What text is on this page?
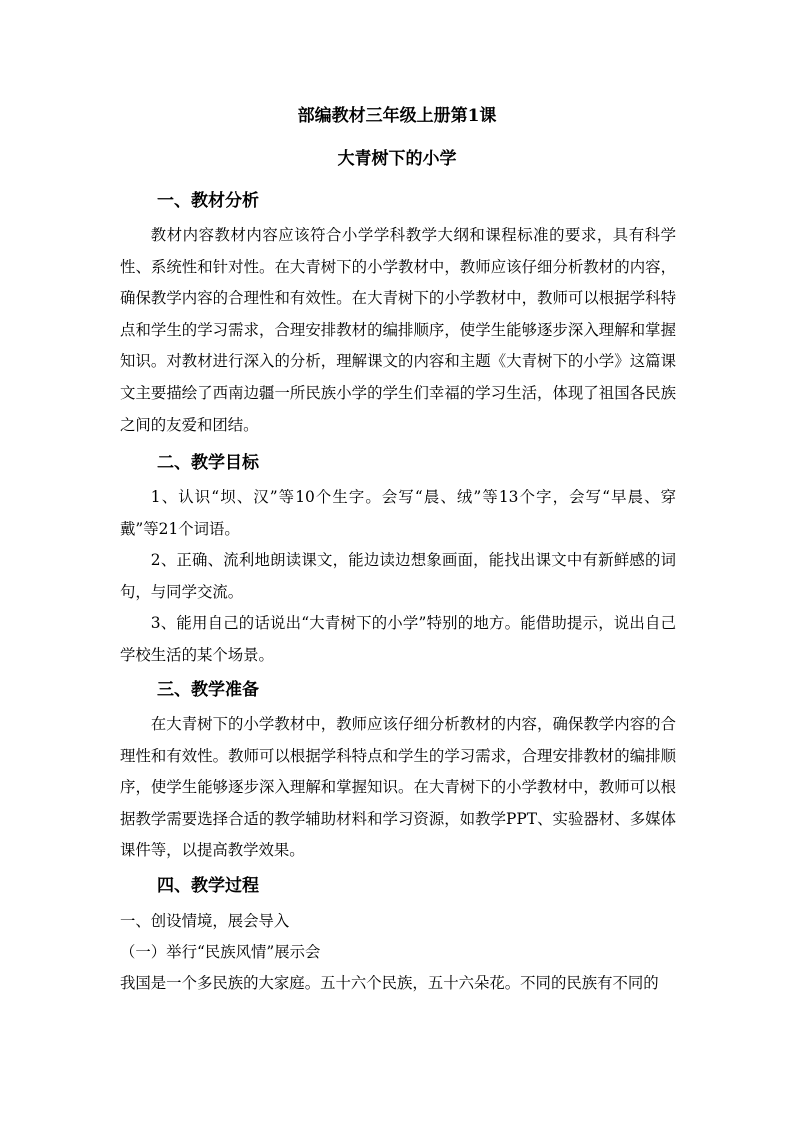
部编教材三年级上册第1课
大青树下的小学
一、教材分析

教材内容教材内容应该符合小学学科教学大纲和课程标准的要求，具有科学性、系统性和针对性。在大青树下的小学教材中，教师应该仔细分析教材的内容，确保教学内容的合理性和有效性。在大青树下的小学教材中，教师可以根据学科特点和学生的学习需求，合理安排教材的编排顺序，使学生能够逐步深入理解和掌握知识。对教材进行深入的分析，理解课文的内容和主题《大青树下的小学》这篇课文主要描绘了西南边疆一所民族小学的学生们幸福的学习生活，体现了祖国各民族之间的友爱和团结。

二、教学目标

1、认识“坝、汉”等10个生字。会写“晨、绒”等13个字，会写“早晨、穿戴”等21个词语。

2、正确、流利地朗读课文，能边读边想象画面，能找出课文中有新鲜感的词句，与同学交流。

3、能用自己的话说出“大青树下的小学”特别的地方。能借助提示，说出自己学校生活的某个场景。

三、教学准备

在大青树下的小学教材中，教师应该仔细分析教材的内容，确保教学内容的合理性和有效性。教师可以根据学科特点和学生的学习需求，合理安排教材的编排顺序，使学生能够逐步深入理解和掌握知识。在大青树下的小学教材中，教师可以根据教学需要选择合适的教学辅助材料和学习资源，如教学PPT、实验器材、多媒体课件等，以提高教学效果。

四、教学过程
一、创设情境，展会导入
（一）举行“民族风情”展示会
我国是一个多民族的大家庭。五十六个民族，五十六朵花。不同的民族有不同的
